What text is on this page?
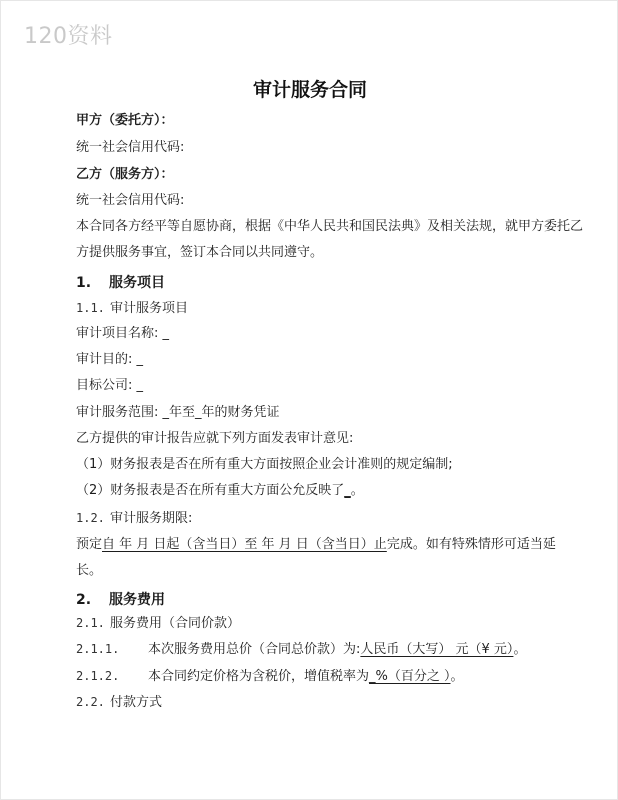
120资料
审计服务合同
甲方（委托方）：
统一社会信用代码:
乙方（服务方）：
统一社会信用代码:
本合同各方经平等自愿协商，根据《中华人民共和国民法典》及相关法规，就甲方委托乙
方提供服务事宜，签订本合同以共同遵守。
1. 服务项目
1.1. 审计服务项目
审计项目名称: _
审计目的: _
目标公司: _
审计服务范围: _年至_年的财务凭证
乙方提供的审计报告应就下列方面发表审计意见:
（1）财务报表是否在所有重大方面按照企业会计准则的规定编制;
（2）财务报表是否在所有重大方面公允反映了_。
1.2. 审计服务期限:
预定自 年 月 日起（含当日）至 年 月 日（含当日）止完成。如有特殊情形可适当延
长。
2. 服务费用
2.1. 服务费用（合同价款）
2.1.1. 本次服务费用总价（合同总价款）为:人民币（大写） 元（¥ 元）。
2.1.2. 本合同约定价格为含税价，增值税率为_%（百分之 ）。
2.2. 付款方式
